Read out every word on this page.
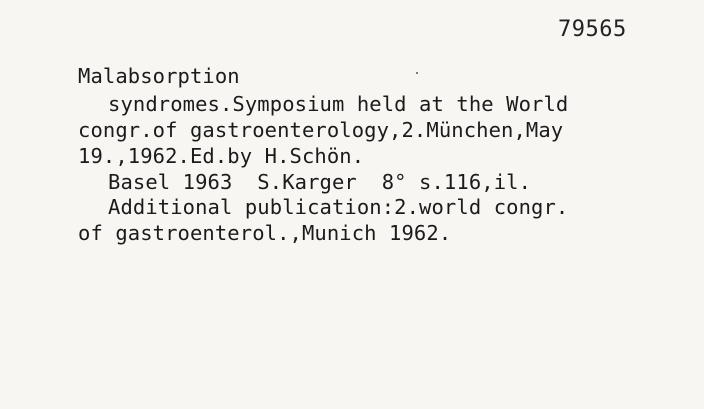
79565
Malabsorption
syndromes.Symposium held at the World
congr.of gastroenterology,2.München,May
19.,1962.Ed.by H.Schön.
Basel 1963  S.Karger  8° s.116,il.
Additional publication:2.world congr.
of gastroenterol.,Munich 1962.
